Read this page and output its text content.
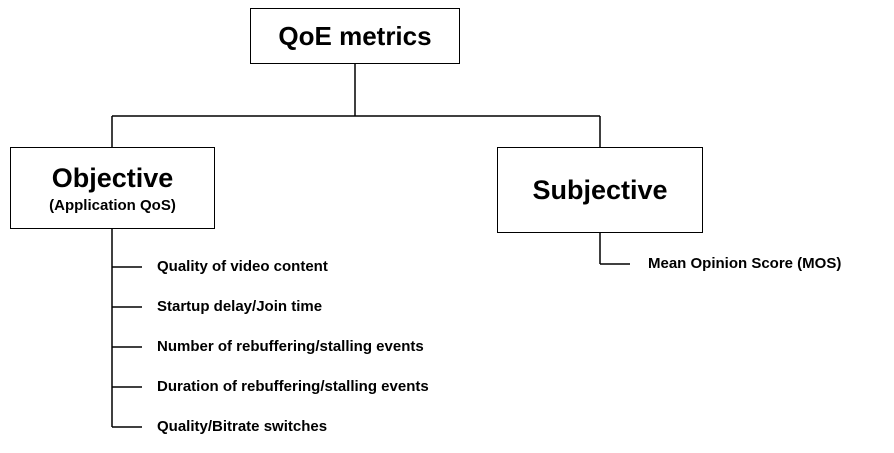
QoE metrics
Objective
(Application QoS)
Subjective
Quality of video content
Startup delay/Join time
Number of rebuffering/stalling events
Duration of rebuffering/stalling events
Quality/Bitrate switches
Mean Opinion Score (MOS)
